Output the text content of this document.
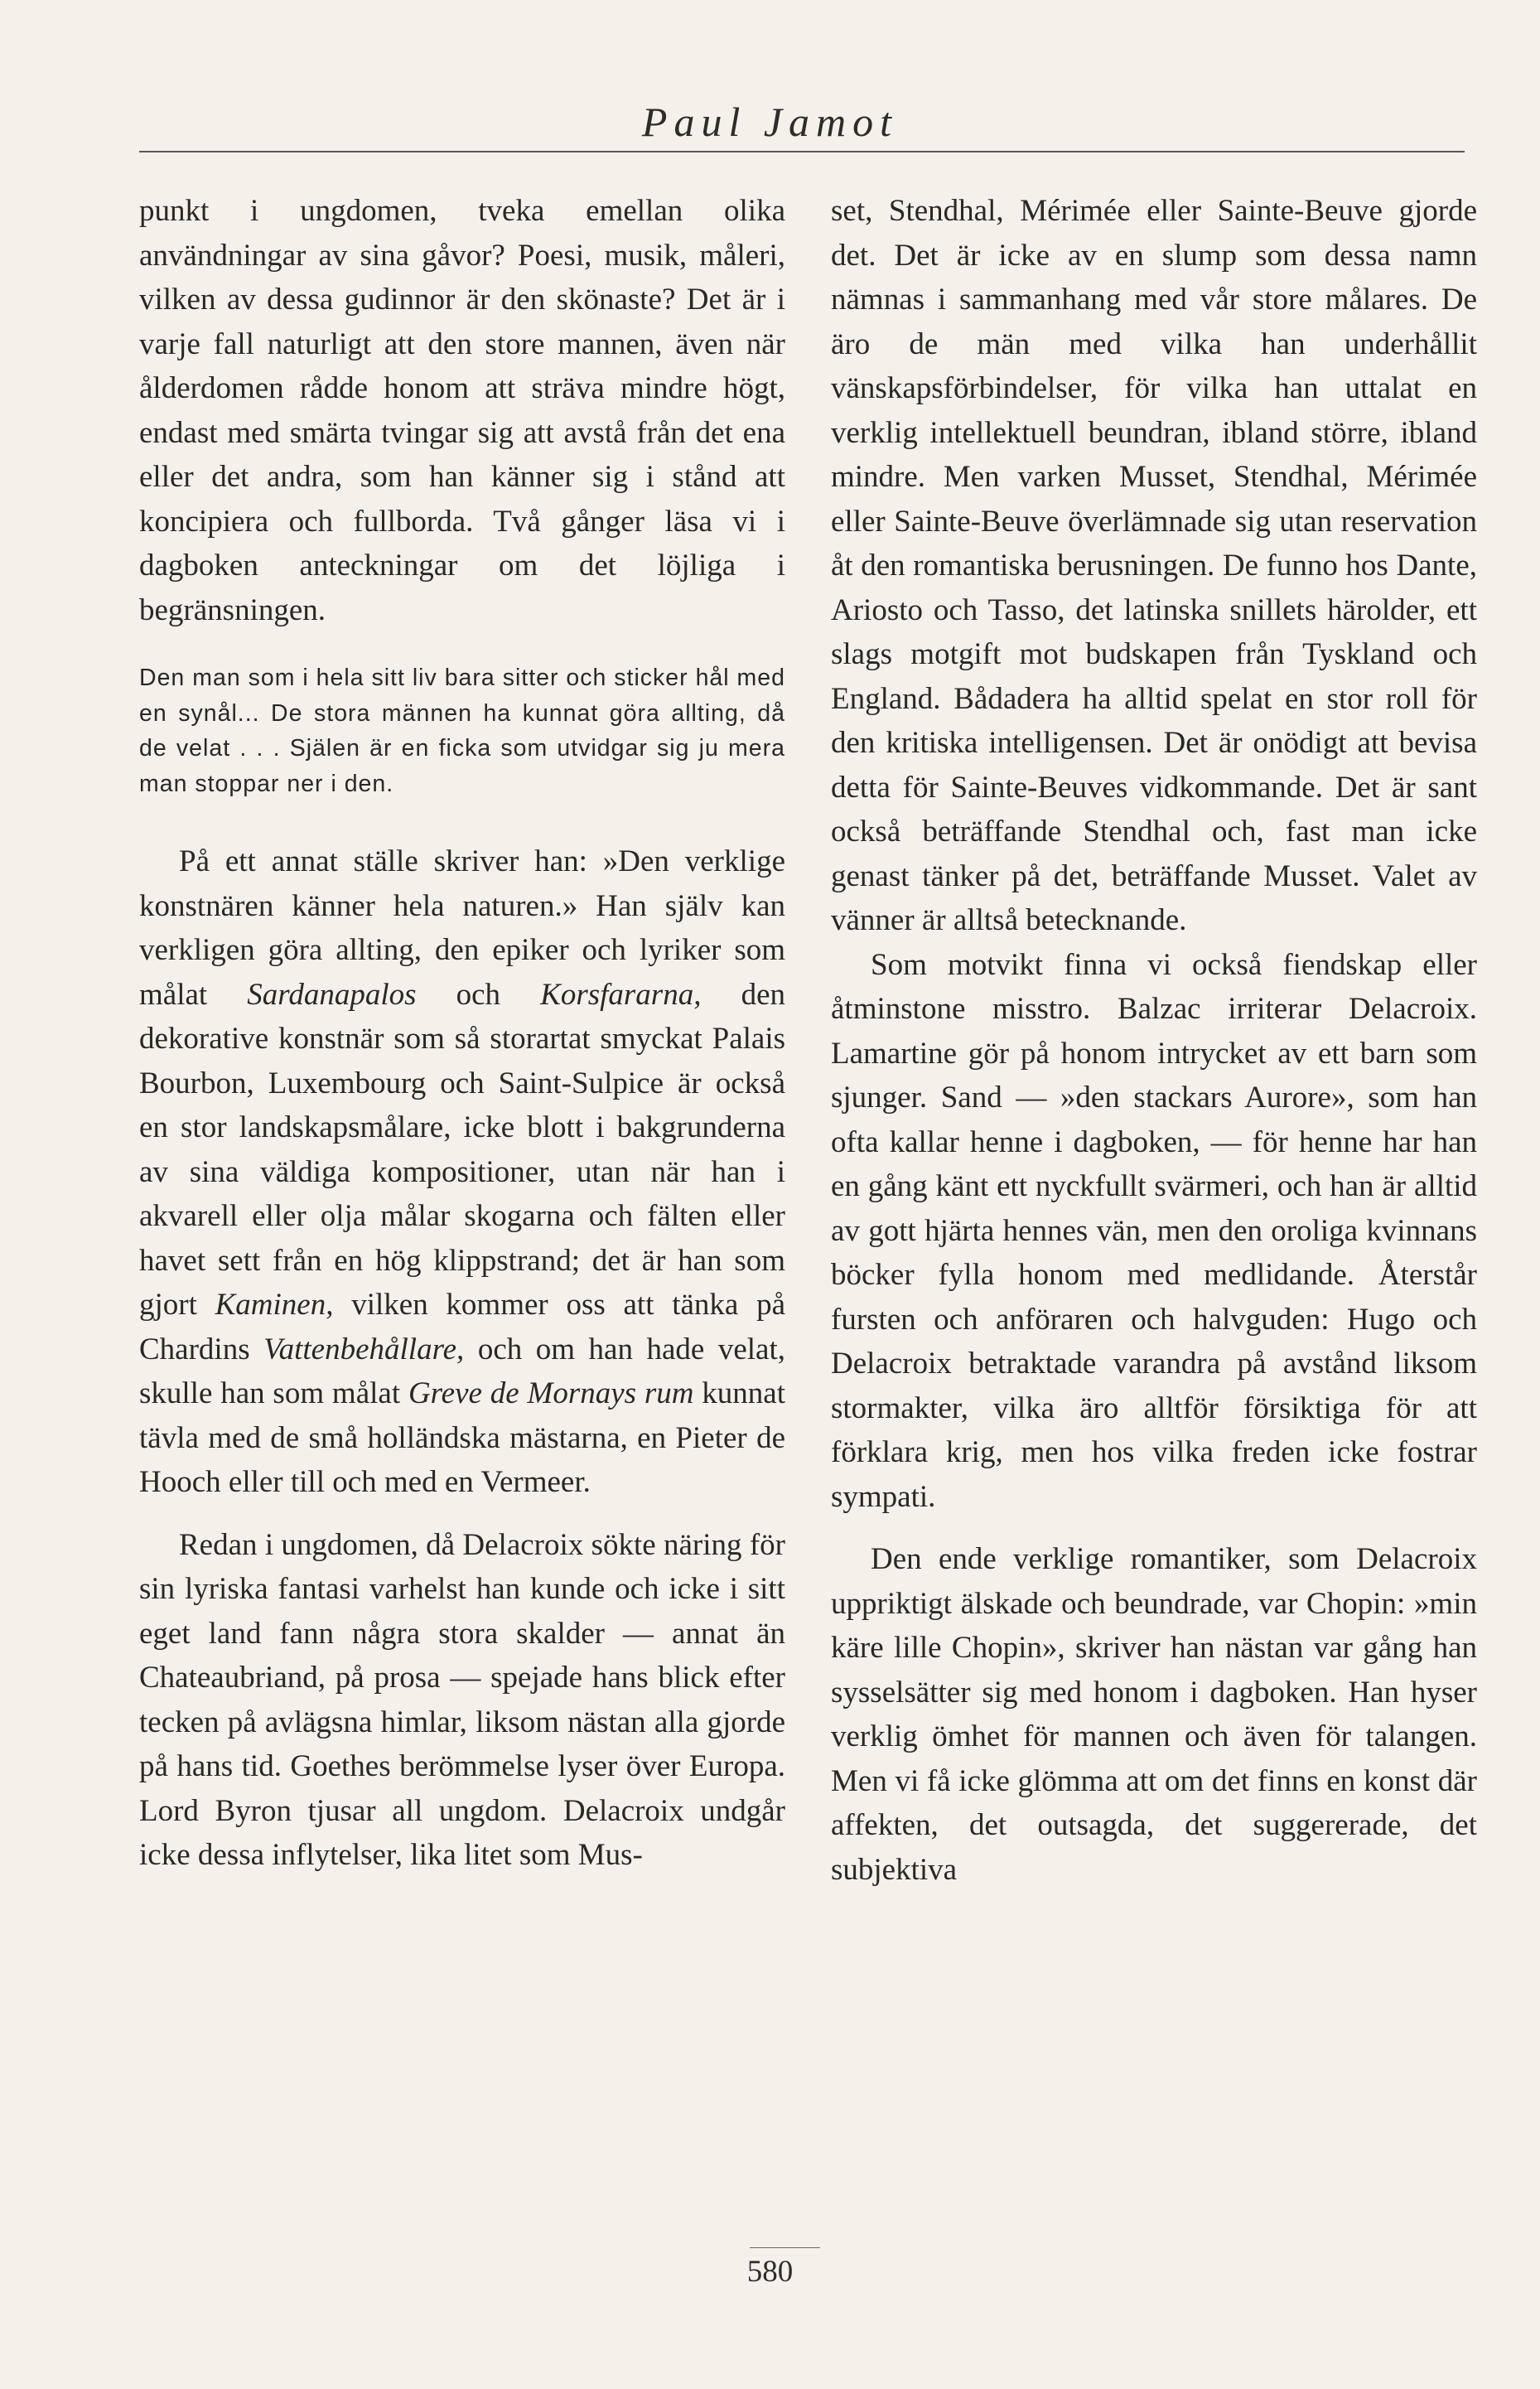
Paul Jamot

punkt i ungdomen, tveka emellan olika användningar av sina gåvor? Poesi, musik, måleri, vilken av dessa gudinnor är den skönaste? Det är i varje fall naturligt att den store mannen, även när ålderdomen rådde honom att sträva mindre högt, endast med smärta tvingar sig att avstå från det ena eller det andra, som han känner sig i stånd att koncipiera och fullborda. Två gånger läsa vi i dagboken anteckningar om det löjliga i begränsningen.

Den man som i hela sitt liv bara sitter och sticker hål med en synål... De stora männen ha kunnat göra allting, då de velat . . . Själen är en ficka som utvidgar sig ju mera man stoppar ner i den.

På ett annat ställe skriver han: »Den verklige konstnären känner hela naturen.» Han själv kan verkligen göra allting, den epiker och lyriker som målat Sardanapalos och Korsfararna, den dekorative konstnär som så storartat smyckat Palais Bourbon, Luxembourg och Saint-Sulpice är också en stor landskapsmålare, icke blott i bakgrunderna av sina väldiga kompositioner, utan när han i akvarell eller olja målar skogarna och fälten eller havet sett från en hög klippstrand; det är han som gjort Kaminen, vilken kommer oss att tänka på Chardins Vattenbehållare, och om han hade velat, skulle han som målat Greve de Mornays rum kunnat tävla med de små holländska mästarna, en Pieter de Hooch eller till och med en Vermeer.

Redan i ungdomen, då Delacroix sökte näring för sin lyriska fantasi varhelst han kunde och icke i sitt eget land fann några stora skalder — annat än Chateaubriand, på prosa — spejade hans blick efter tecken på avlägsna himlar, liksom nästan alla gjorde på hans tid. Goethes berömmelse lyser över Europa. Lord Byron tjusar all ungdom. Delacroix undgår icke dessa inflytelser, lika litet som Mus-

set, Stendhal, Mérimée eller Sainte-Beuve gjorde det. Det är icke av en slump som dessa namn nämnas i sammanhang med vår store målares. De äro de män med vilka han underhållit vänskapsförbindelser, för vilka han uttalat en verklig intellektuell beundran, ibland större, ibland mindre. Men varken Musset, Stendhal, Mérimée eller Sainte-Beuve överlämnade sig utan reservation åt den romantiska berusningen. De funno hos Dante, Ariosto och Tasso, det latinska snillets härolder, ett slags motgift mot budskapen från Tyskland och England. Bådadera ha alltid spelat en stor roll för den kritiska intelligensen. Det är onödigt att bevisa detta för Sainte-Beuves vidkommande. Det är sant också beträffande Stendhal och, fast man icke genast tänker på det, beträffande Musset. Valet av vänner är alltså betecknande.

Som motvikt finna vi också fiendskap eller åtminstone misstro. Balzac irriterar Delacroix. Lamartine gör på honom intrycket av ett barn som sjunger. Sand — »den stackars Aurore», som han ofta kallar henne i dagboken, — för henne har han en gång känt ett nyckfullt svärmeri, och han är alltid av gott hjärta hennes vän, men den oroliga kvinnans böcker fylla honom med medlidande. Återstår fursten och anföraren och halvguden: Hugo och Delacroix betraktade varandra på avstånd liksom stormakter, vilka äro alltför försiktiga för att förklara krig, men hos vilka freden icke fostrar sympati.

Den ende verklige romantiker, som Delacroix uppriktigt älskade och beundrade, var Chopin: »min käre lille Chopin», skriver han nästan var gång han sysselsätter sig med honom i dagboken. Han hyser verklig ömhet för mannen och även för talangen. Men vi få icke glömma att om det finns en konst där affekten, det outsagda, det suggererade, det subjektiva

580
